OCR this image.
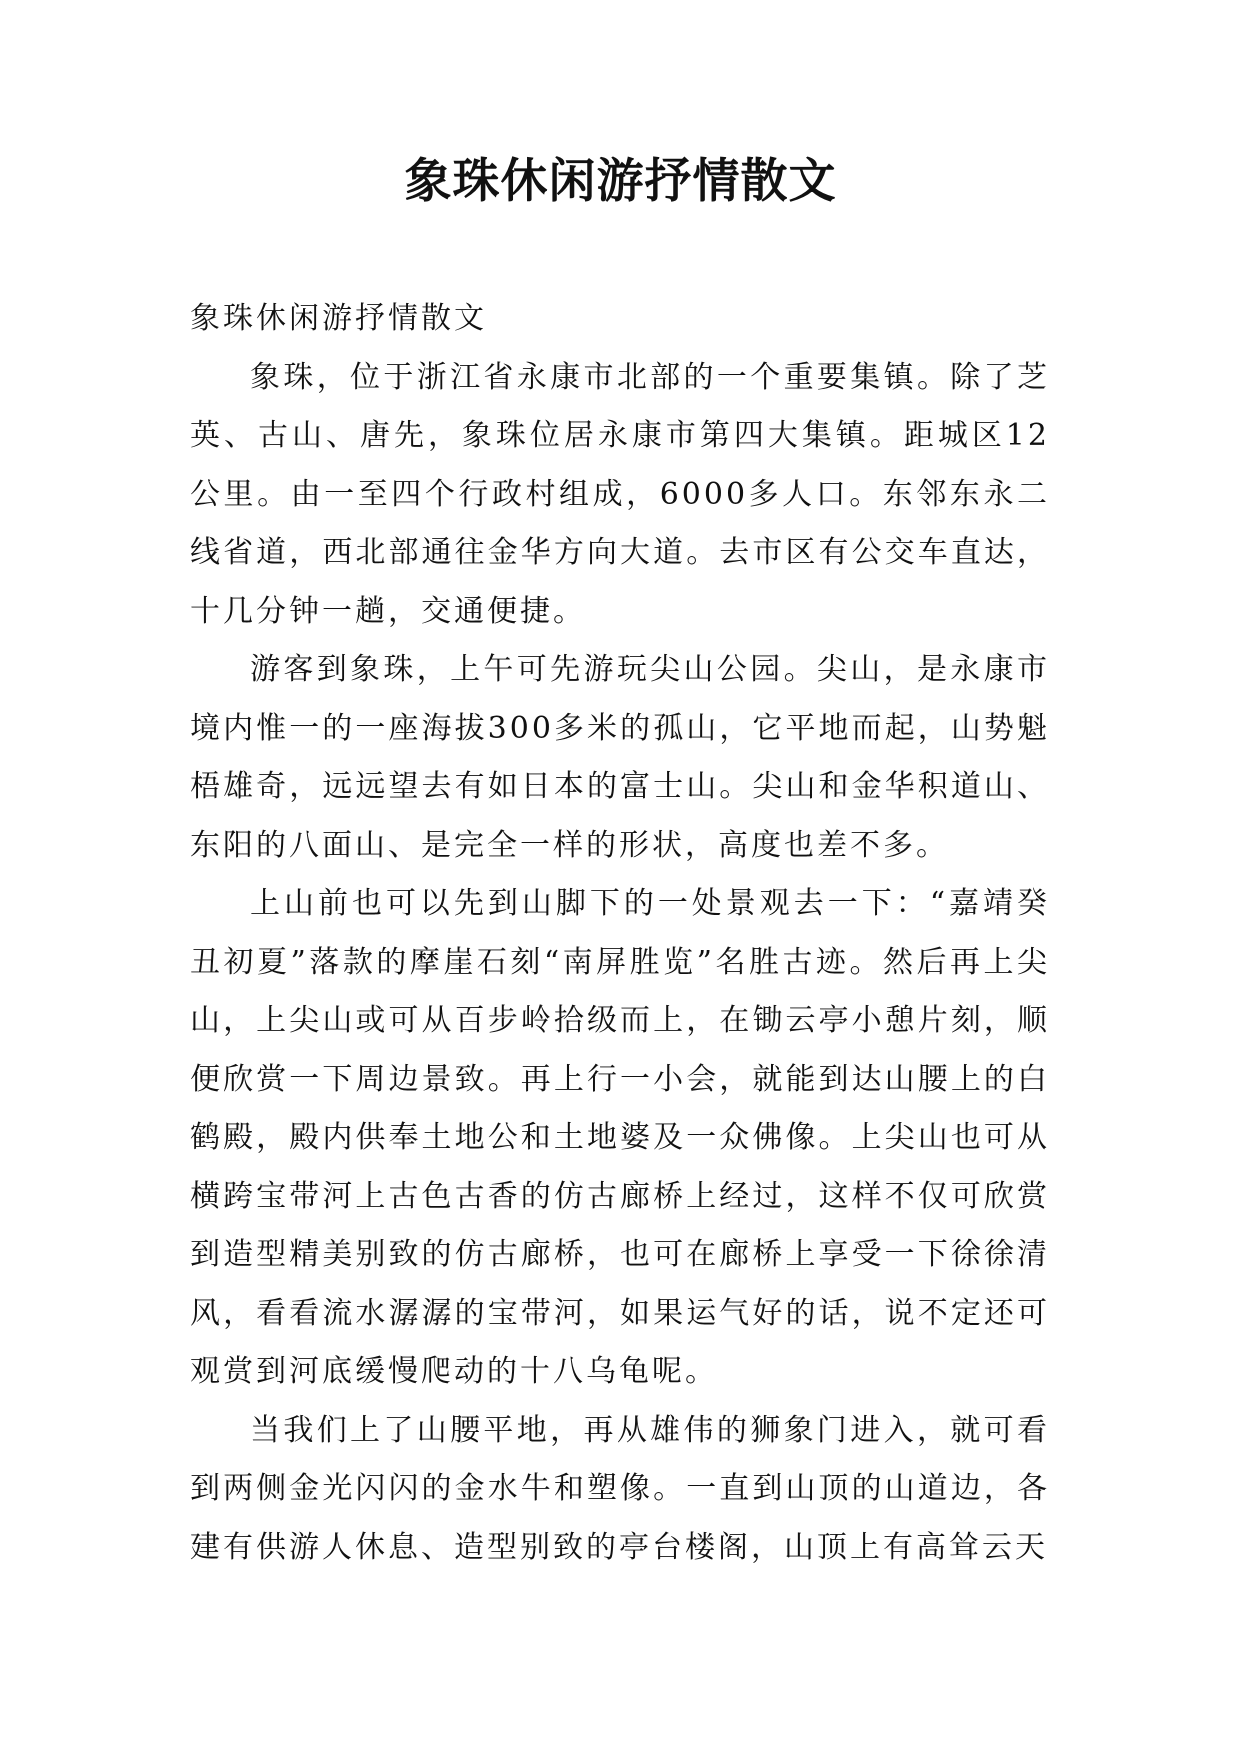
象珠休闲游抒情散文

象珠休闲游抒情散文

象珠，位于浙江省永康市北部的一个重要集镇。除了芝英、古山、唐先，象珠位居永康市第四大集镇。距城区12公里。由一至四个行政村组成，6000多人口。东邻东永二线省道，西北部通往金华方向大道。去市区有公交车直达，十几分钟一趟，交通便捷。

游客到象珠，上午可先游玩尖山公园。尖山，是永康市境内惟一的一座海拔300多米的孤山，它平地而起，山势魁梧雄奇，远远望去有如日本的富士山。尖山和金华积道山、东阳的八面山、是完全一样的形状，高度也差不多。

上山前也可以先到山脚下的一处景观去一下：“嘉靖癸丑初夏”落款的摩崖石刻“南屏胜览”名胜古迹。然后再上尖山，上尖山或可从百步岭拾级而上，在锄云亭小憩片刻，顺便欣赏一下周边景致。再上行一小会，就能到达山腰上的白鹤殿，殿内供奉土地公和土地婆及一众佛像。上尖山也可从横跨宝带河上古色古香的仿古廊桥上经过，这样不仅可欣赏到造型精美别致的仿古廊桥，也可在廊桥上享受一下徐徐清风，看看流水潺潺的宝带河，如果运气好的话，说不定还可观赏到河底缓慢爬动的十八乌龟呢。

当我们上了山腰平地，再从雄伟的狮象门进入，就可看到两侧金光闪闪的金水牛和塑像。一直到山顶的山道边，各建有供游人休息、造型别致的亭台楼阁，山顶上有高耸云天
